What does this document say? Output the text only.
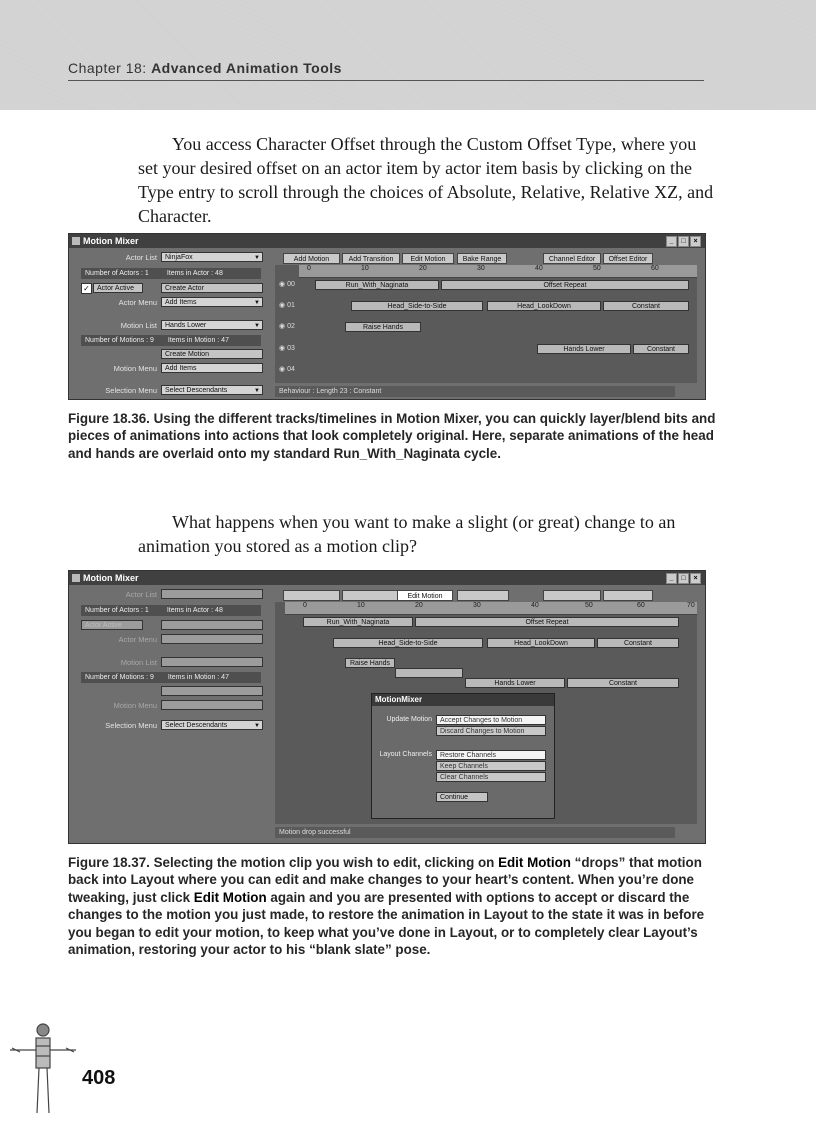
Chapter 18: Advanced Animation Tools
You access Character Offset through the Custom Offset Type, where you set your desired offset on an actor item by actor item basis by clicking on the Type entry to scroll through the choices of Absolute, Relative, Relative XZ, and Character.
Motion Mixer	_	□	×
Actor List	NinjaFox	▼
Number of Actors : 1	Items in Actor : 48
✓	Actor Active	Create Actor
Actor Menu	Add Items	▼
Motion List	Hands Lower	▼
Number of Motions : 9 Items in Motion : 47
Create Motion
Motion Menu	Add Items
Selection Menu	Select Descendants	▼
Add Motion	Add Transition	Edit Motion	Bake Range	Channel Editor	Offset Editor
0	10	20	30	40	50	60
◉ 00
◉ 01
◉ 02
◉ 03
◉ 04
Run_With_Naginata	Offset Repeat
Head_Side-to-Side	Head_LookDown	Constant
Raise Hands
Hands Lower	Constant
Behaviour : Length 23 : Constant
Figure 18.36. Using the different tracks/timelines in Motion Mixer, you can quickly layer/blend bits and pieces of animations into actions that look completely original. Here, separate animations of the head and hands are overlaid onto my standard Run_With_Naginata cycle.
What happens when you want to make a slight (or great) change to an animation you stored as a motion clip?
Motion Mixer	_	□	×
Actor List
Number of Actors : 1	Items in Actor : 48
Actor Active
Actor Menu
Motion List
Number of Motions : 9 Items in Motion : 47
Motion Menu
Selection Menu	Select Descendants	▼
Edit Motion
0	10	20	30	40	50	60	70
Run_With_Naginata	Offset Repeat
Head_Side-to-Side	Head_LookDown	Constant
Raise Hands
Hands Lower	Constant
Motion drop successful
MotionMixer
Update Motion	Accept Changes to Motion
Discard Changes to Motion
Layout Channels	Restore Channels
Keep Channels
Clear Channels
Continue
Figure 18.37. Selecting the motion clip you wish to edit, clicking on Edit Motion “drops” that motion back into Layout where you can edit and make changes to your heart’s content. When you’re done tweaking, just click Edit Motion again and you are presented with options to accept or discard the changes to the motion you just made, to restore the animation in Layout to the state it was in before you began to edit your motion, to keep what you’ve done in Layout, or to completely clear Layout’s animation, restoring your actor to his “blank slate” pose.
408
